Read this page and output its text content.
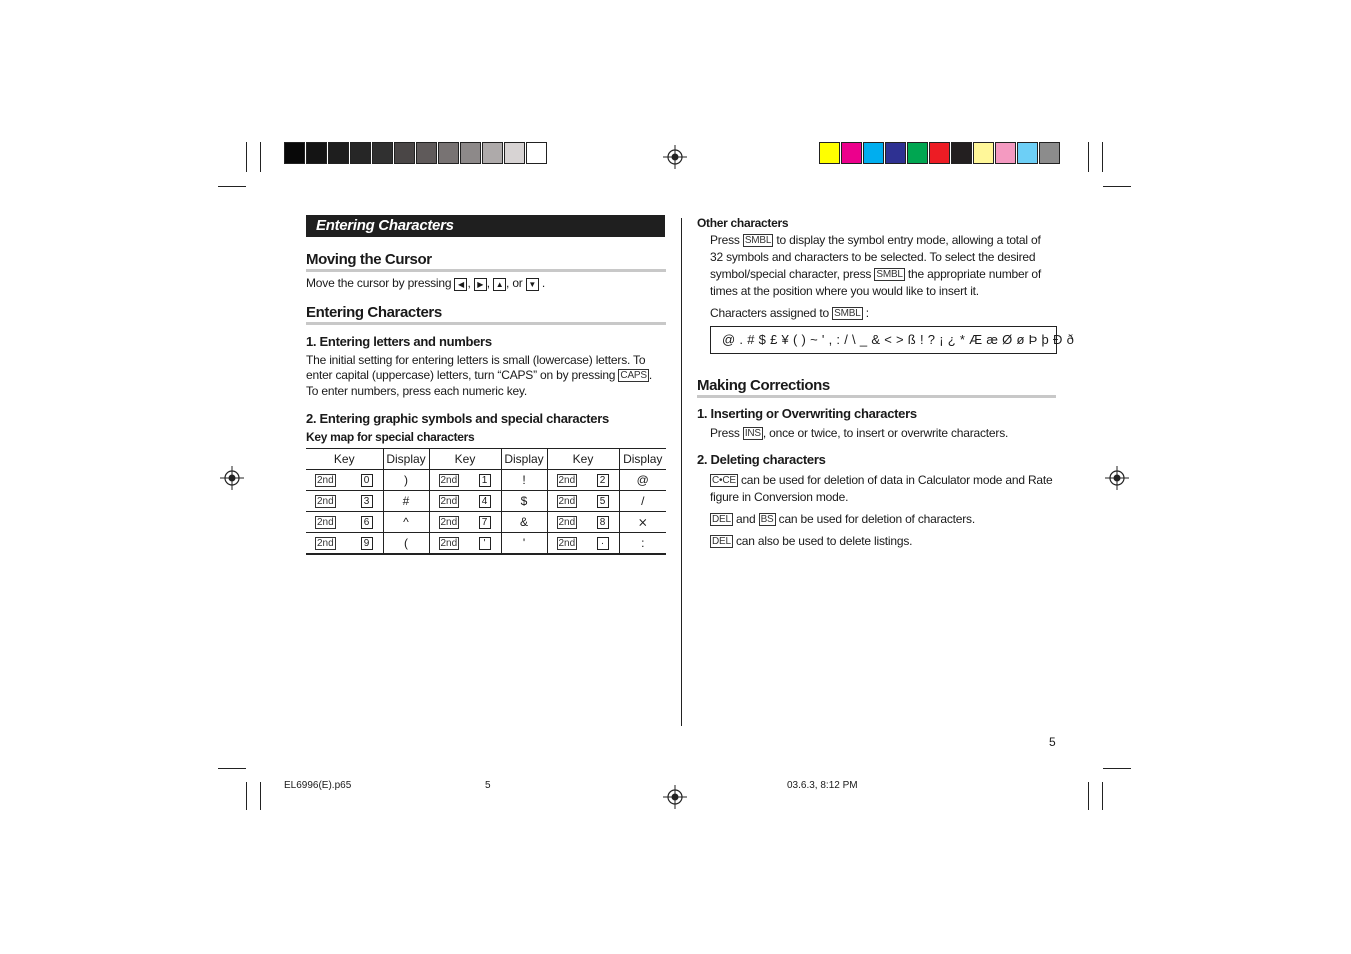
Entering Characters
Moving the Cursor
Move the cursor by pressing ◀ , ▶ , ▲ , or ▼ .
Entering Characters
1. Entering letters and numbers
The initial setting for entering letters is small (lowercase) letters. To
enter capital (uppercase) letters, turn “CAPS” on by pressing CAPS .
To enter numbers, press each numeric key.
2. Entering graphic symbols and special characters
Key map for special characters
Key	Display	Key	Display	Key	Display

2nd 0	)	2nd 1	!	2nd 2	@

2nd 3	#	2nd 4	$	2nd 5	/

2nd 6	^	2nd 7	&	2nd 8	⨯

2nd 9	(	2nd '	'	2nd ·	:
Other characters
Press SMBL to display the symbol entry mode, allowing a total of
32 symbols and characters to be selected. To select the desired
symbol/special character, press SMBL the appropriate number of
times at the position where you would like to insert it.
Characters assigned to SMBL :
@ . # $ £ ¥ ( ) ~ ' , : / \ _ & < > ß ! ? ¡ ¿ * Æ æ Ø ø Þ þ Ð ð
Making Corrections
1. Inserting or Overwriting characters
Press INS , once or twice, to insert or overwrite characters.
2. Deleting characters
C•CE can be used for deletion of data in Calculator mode and Rate
figure in Conversion mode.
DEL and BS can be used for deletion of characters.
DEL can also be used to delete listings.
5
EL6996(E).p65	5	03.6.3, 8:12 PM
